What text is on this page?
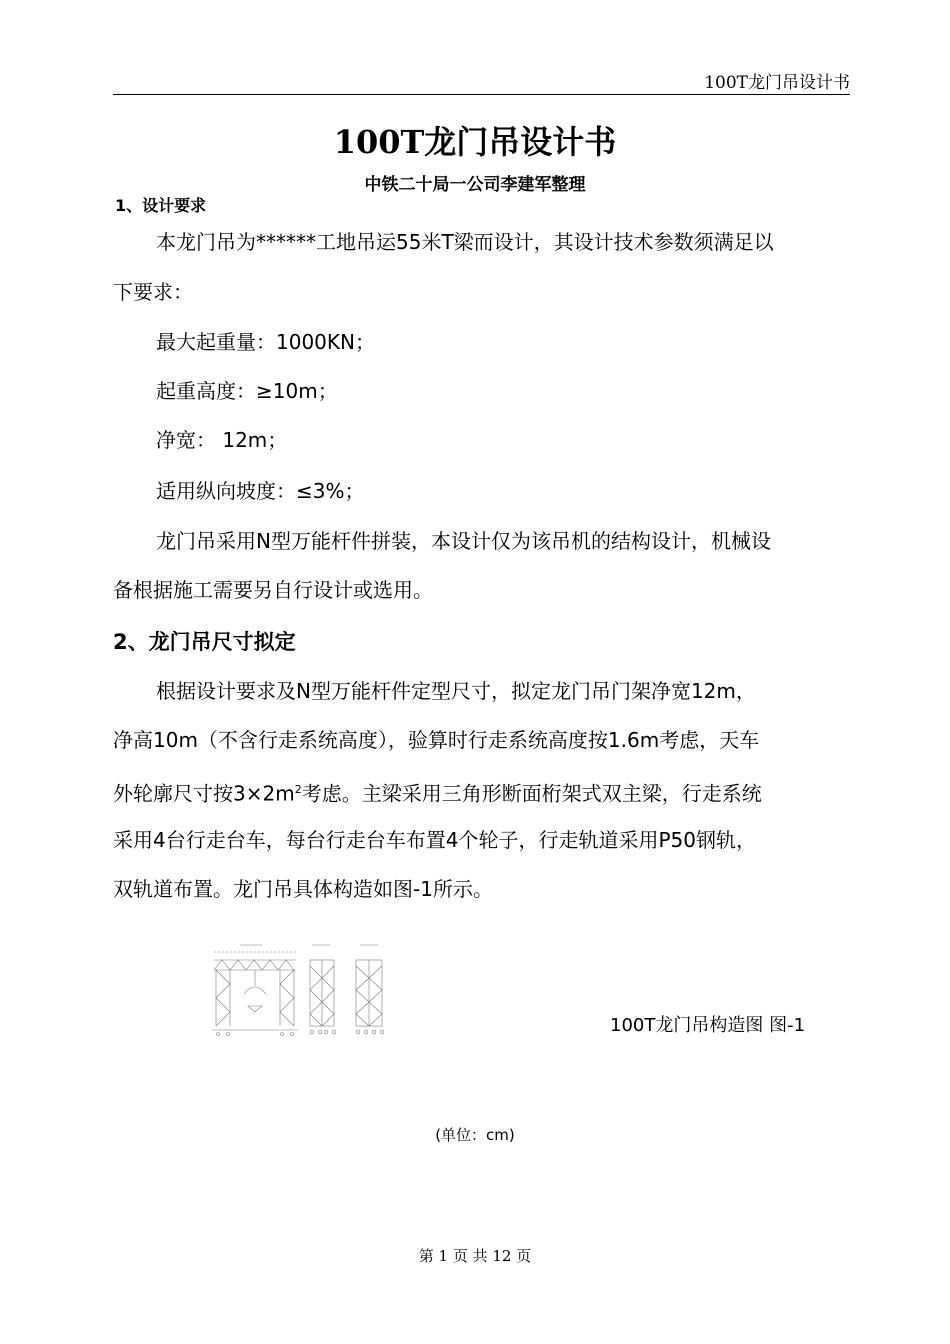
100T龙门吊设计书
100T龙门吊设计书
中铁二十局一公司李建军整理
1、设计要求
本龙门吊为******工地吊运55米T梁而设计，其设计技术参数须满足以
下要求：
最大起重量：1000KN；
起重高度：≥10m；
净宽： 12m；
适用纵向坡度：≤3%；
龙门吊采用N型万能杆件拼装，本设计仅为该吊机的结构设计，机械设
备根据施工需要另自行设计或选用。
2、龙门吊尺寸拟定
根据设计要求及N型万能杆件定型尺寸，拟定龙门吊门架净宽12m，
净高10m（不含行走系统高度），验算时行走系统高度按1.6m考虑，天车
外轮廓尺寸按$3\times 2m^2$考虑。主梁采用三角形断面桁架式双主梁，行走系统
采用4台行走台车，每台行走台车布置4个轮子，行走轨道采用P50钢轨，
双轨道布置。龙门吊具体构造如图-1所示。
100T龙门吊构造图 图-1
(单位：cm)
第 1 页 共 12 页
